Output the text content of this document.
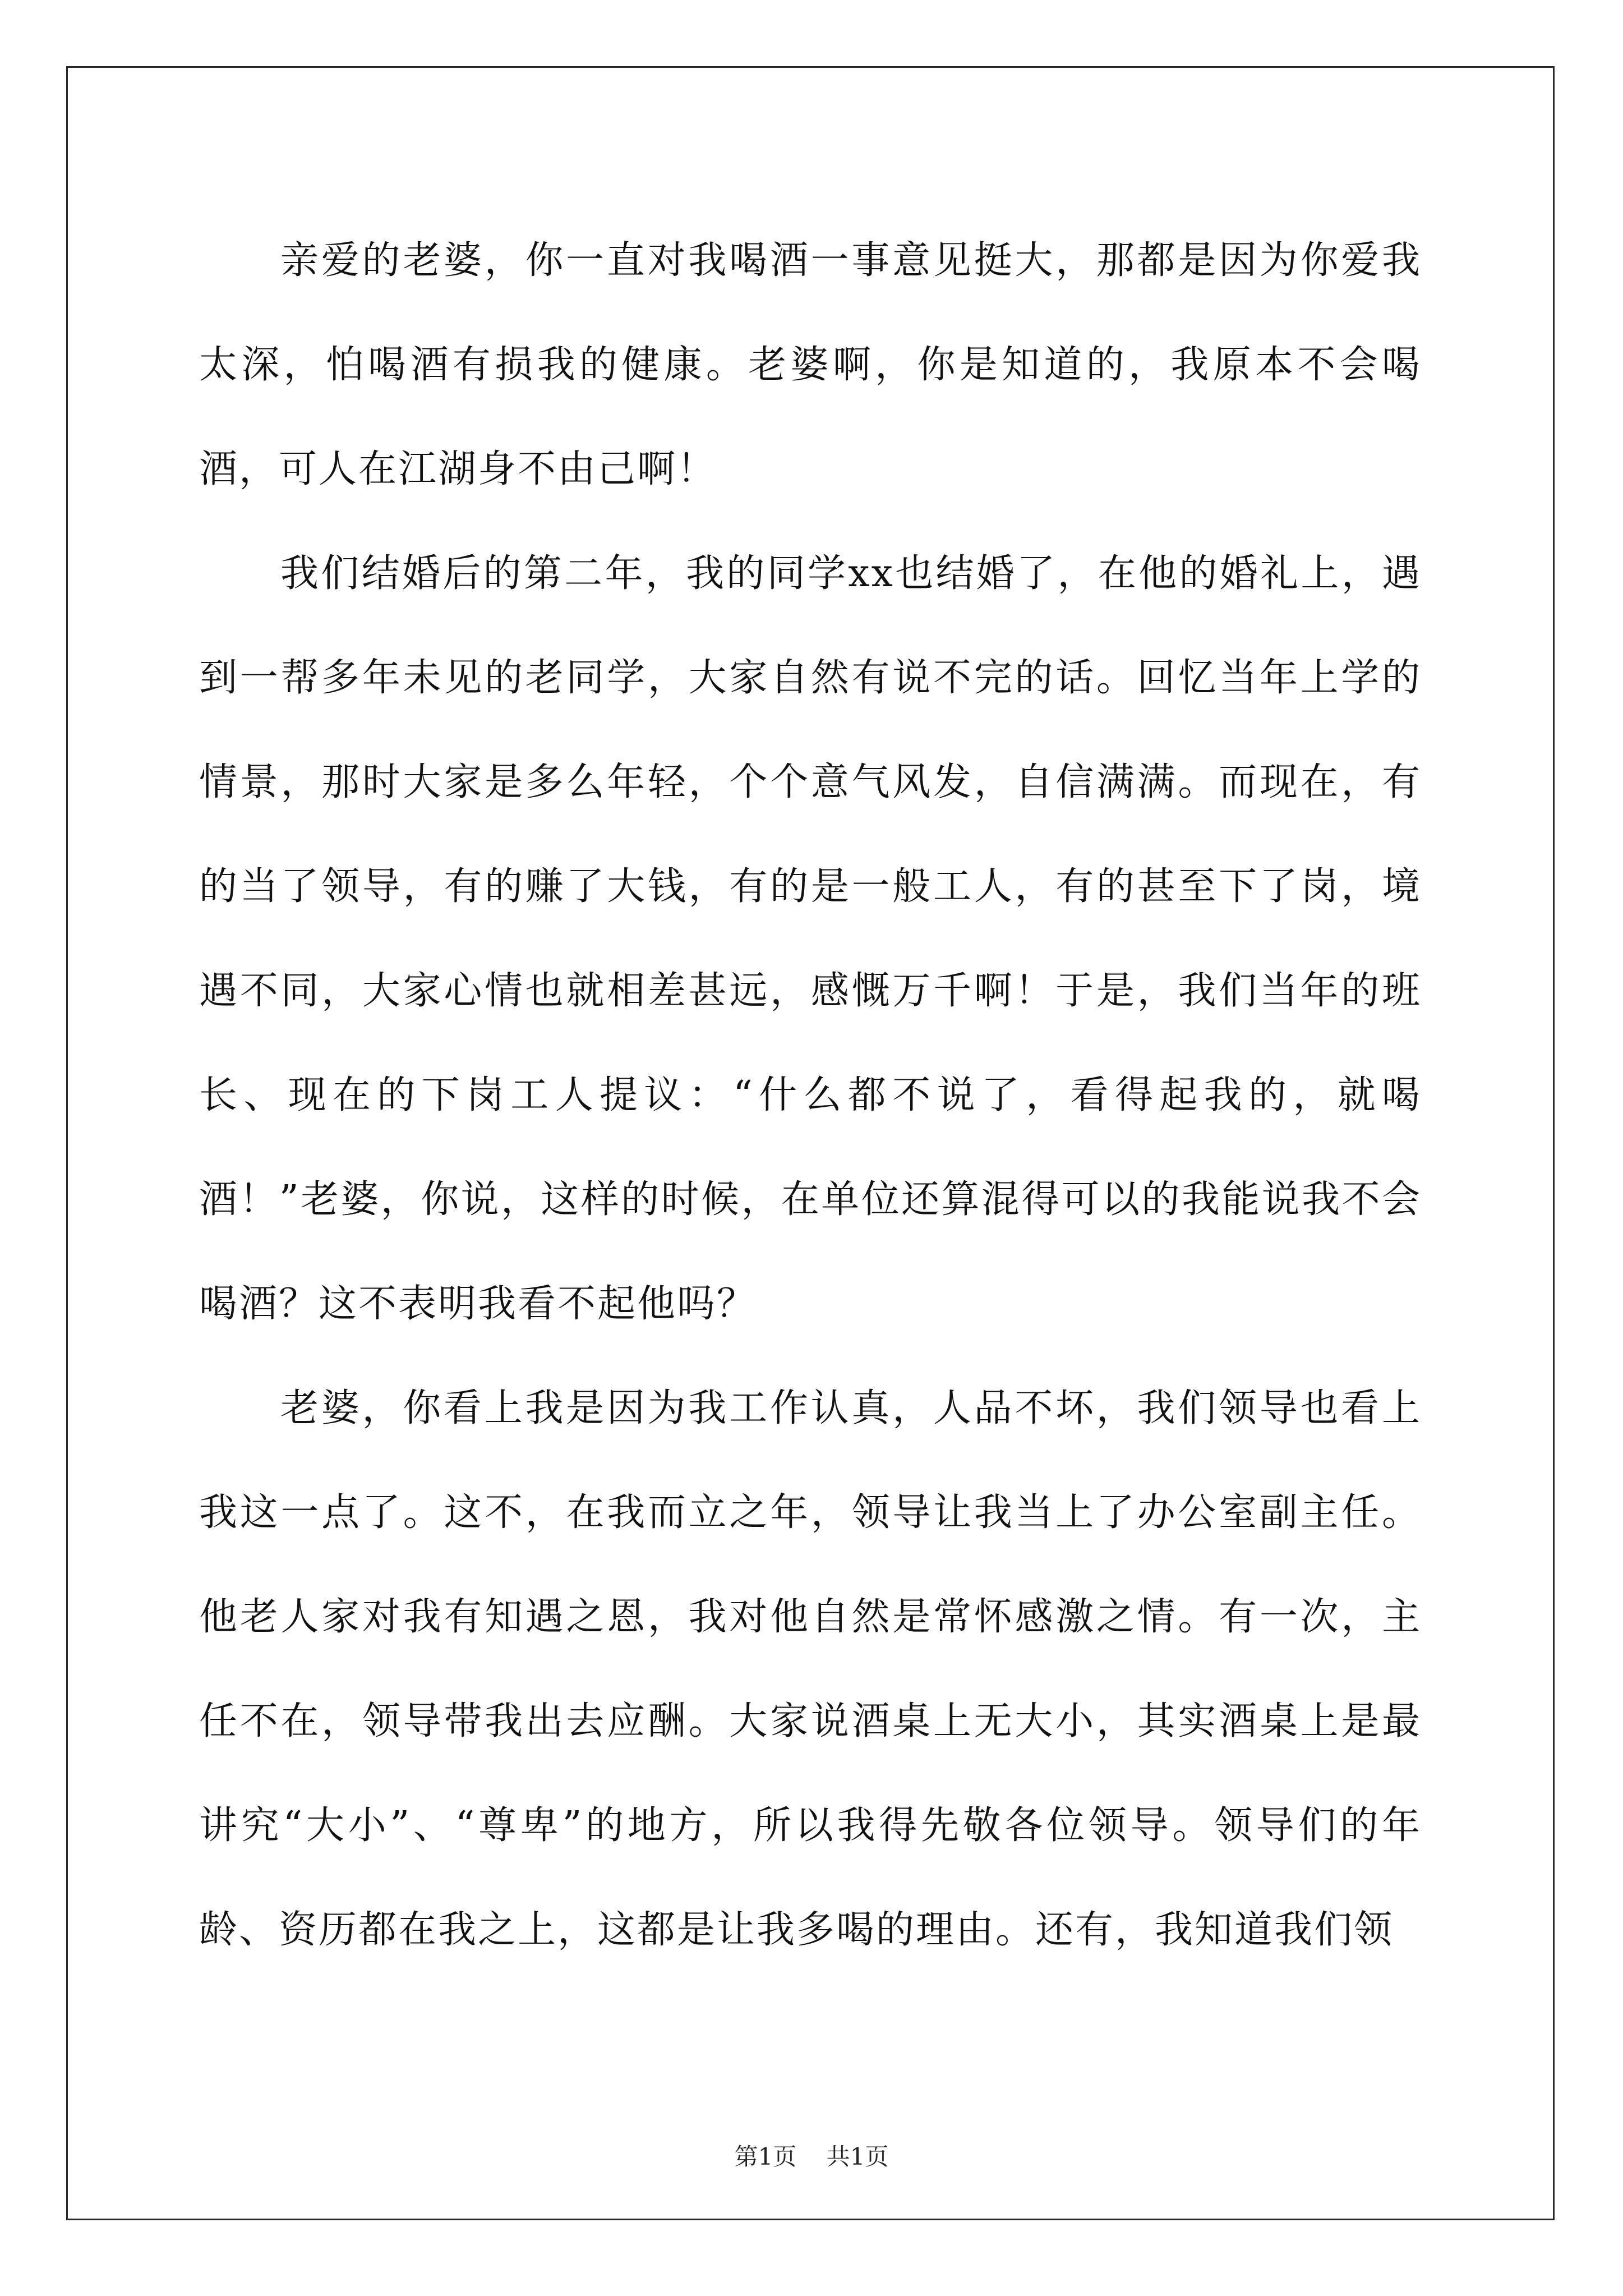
亲爱的老婆，你一直对我喝酒一事意见挺大，那都是因为你爱我太深，怕喝酒有损我的健康。老婆啊，你是知道的，我原本不会喝酒，可人在江湖身不由己啊！

我们结婚后的第二年，我的同学xx也结婚了，在他的婚礼上，遇到一帮多年未见的老同学，大家自然有说不完的话。回忆当年上学的情景，那时大家是多么年轻，个个意气风发，自信满满。而现在，有的当了领导，有的赚了大钱，有的是一般工人，有的甚至下了岗，境遇不同，大家心情也就相差甚远，感慨万千啊！于是，我们当年的班长、现在的下岗工人提议：“什么都不说了，看得起我的，就喝酒！”老婆，你说，这样的时候，在单位还算混得可以的我能说我不会喝酒？这不表明我看不起他吗？

老婆，你看上我是因为我工作认真，人品不坏，我们领导也看上我这一点了。这不，在我而立之年，领导让我当上了办公室副主任。他老人家对我有知遇之恩，我对他自然是常怀感激之情。有一次，主任不在，领导带我出去应酬。大家说酒桌上无大小，其实酒桌上是最讲究“大小”、“尊卑”的地方，所以我得先敬各位领导。领导们的年龄、资历都在我之上，这都是让我多喝的理由。还有，我知道我们领

第1页 共1页
